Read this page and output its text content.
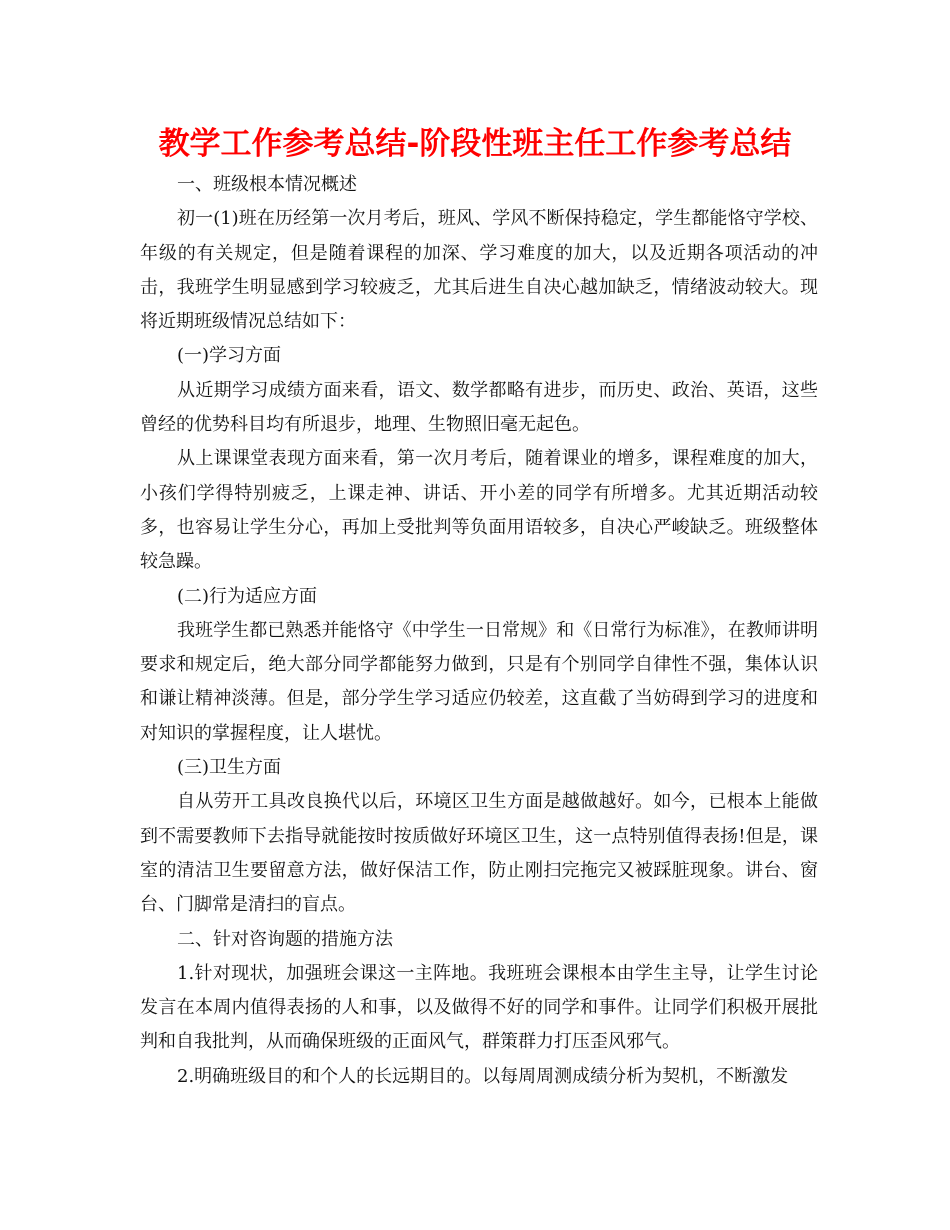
教学工作参考总结-阶段性班主任工作参考总结

一、班级根本情况概述

初一(1)班在历经第一次月考后，班风、学风不断保持稳定，学生都能恪守学校、年级的有关规定，但是随着课程的加深、学习难度的加大，以及近期各项活动的冲击，我班学生明显感到学习较疲乏，尤其后进生自决心越加缺乏，情绪波动较大。现将近期班级情况总结如下：

(一)学习方面

从近期学习成绩方面来看，语文、数学都略有进步，而历史、政治、英语，这些曾经的优势科目均有所退步，地理、生物照旧毫无起色。

从上课课堂表现方面来看，第一次月考后，随着课业的增多，课程难度的加大，小孩们学得特别疲乏，上课走神、讲话、开小差的同学有所增多。尤其近期活动较多，也容易让学生分心，再加上受批判等负面用语较多，自决心严峻缺乏。班级整体较急躁。

(二)行为适应方面

我班学生都已熟悉并能恪守《中学生一日常规》和《日常行为标准》，在教师讲明要求和规定后，绝大部分同学都能努力做到，只是有个别同学自律性不强，集体认识和谦让精神淡薄。但是，部分学生学习适应仍较差，这直截了当妨碍到学习的进度和对知识的掌握程度，让人堪忧。

(三)卫生方面

自从劳开工具改良换代以后，环境区卫生方面是越做越好。如今，已根本上能做到不需要教师下去指导就能按时按质做好环境区卫生，这一点特别值得表扬!但是，课室的清洁卫生要留意方法，做好保洁工作，防止刚扫完拖完又被踩脏现象。讲台、窗台、门脚常是清扫的盲点。

二、针对咨询题的措施方法

1.针对现状，加强班会课这一主阵地。我班班会课根本由学生主导，让学生讨论发言在本周内值得表扬的人和事，以及做得不好的同学和事件。让同学们积极开展批判和自我批判，从而确保班级的正面风气，群策群力打压歪风邪气。

2.明确班级目的和个人的长远期目的。以每周周测成绩分析为契机，不断激发
